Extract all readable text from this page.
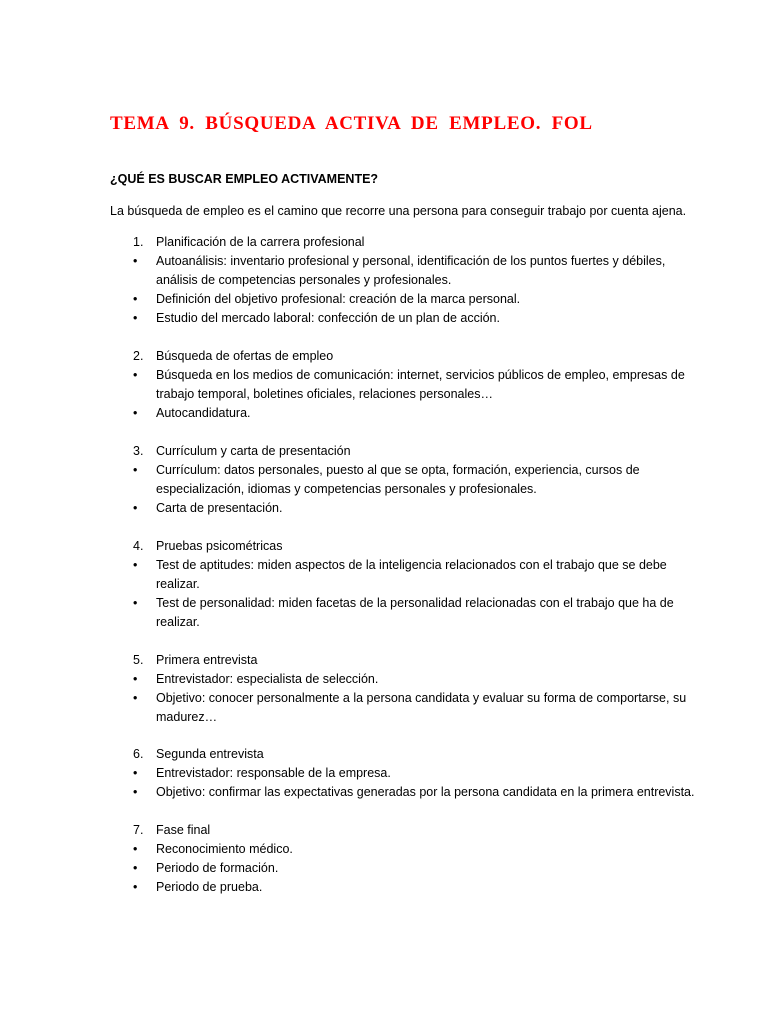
TEMA 9. BÚSQUEDA ACTIVA DE EMPLEO. FOL
¿QUÉ ES BUSCAR EMPLEO ACTIVAMENTE?

La búsqueda de empleo es el camino que recorre una persona para conseguir trabajo por cuenta ajena.

1. Planificación de la carrera profesional
• Autoanálisis: inventario profesional y personal, identificación de los puntos fuertes y débiles,
análisis de competencias personales y profesionales.
• Definición del objetivo profesional: creación de la marca personal.
• Estudio del mercado laboral: confección de un plan de acción.
2. Búsqueda de ofertas de empleo
• Búsqueda en los medios de comunicación: internet, servicios públicos de empleo, empresas de
trabajo temporal, boletines oficiales, relaciones personales…
• Autocandidatura.
3. Currículum y carta de presentación
• Currículum: datos personales, puesto al que se opta, formación, experiencia, cursos de
especialización, idiomas y competencias personales y profesionales.
• Carta de presentación.
4. Pruebas psicométricas
• Test de aptitudes: miden aspectos de la inteligencia relacionados con el trabajo que se debe
realizar.
• Test de personalidad: miden facetas de la personalidad relacionadas con el trabajo que ha de
realizar.
5. Primera entrevista
• Entrevistador: especialista de selección.
• Objetivo: conocer personalmente a la persona candidata y evaluar su forma de comportarse, su
madurez…
6. Segunda entrevista
• Entrevistador: responsable de la empresa.
• Objetivo: confirmar las expectativas generadas por la persona candidata en la primera entrevista.
7. Fase final
• Reconocimiento médico.
• Periodo de formación.
• Periodo de prueba.
